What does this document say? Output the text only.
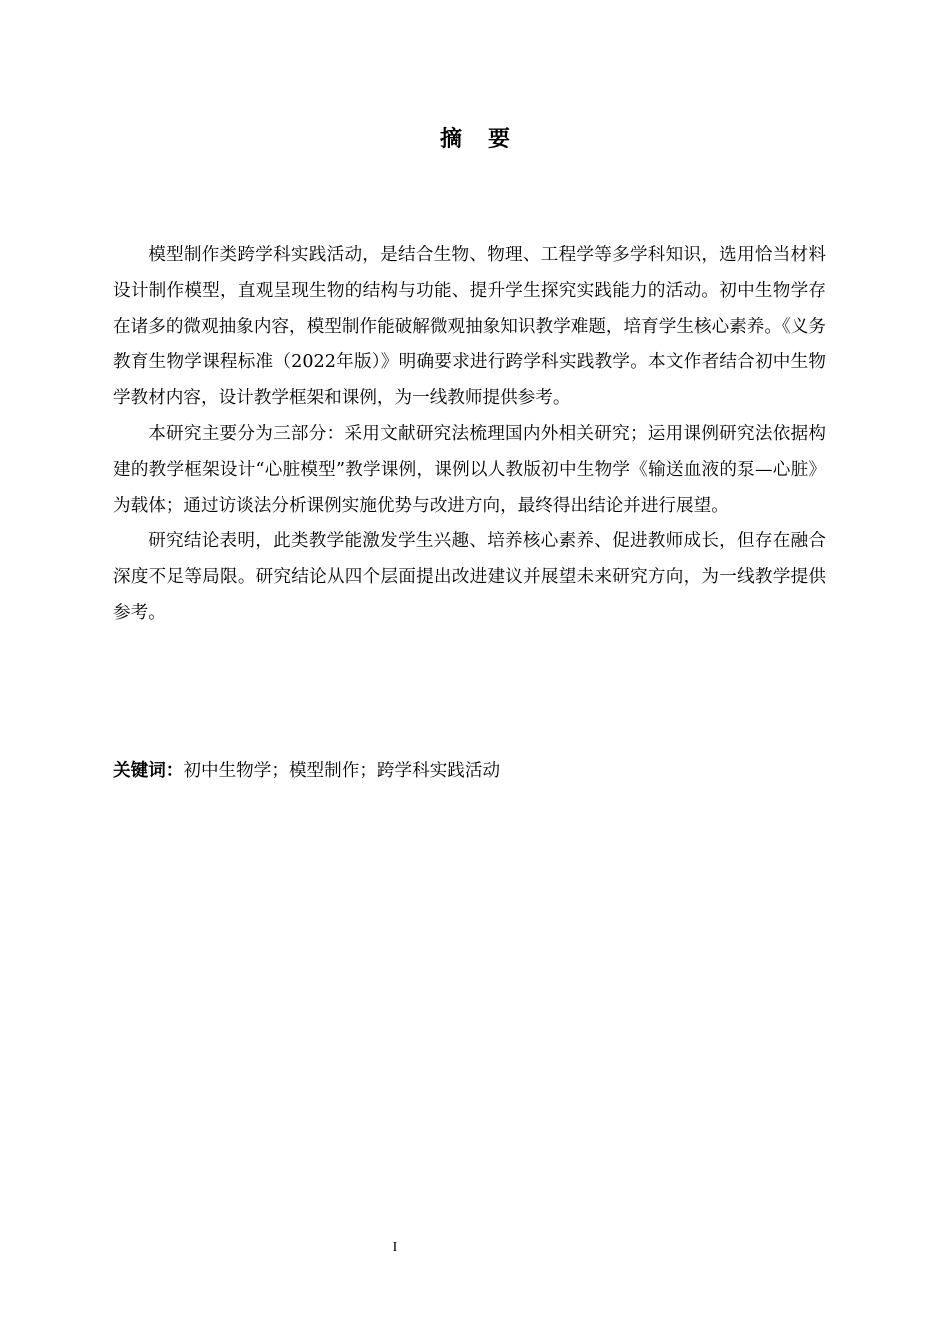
摘 要

模型制作类跨学科实践活动，是结合生物、物理、工程学等多学科知识，选用恰当材料设计制作模型，直观呈现生物的结构与功能、提升学生探究实践能力的活动。初中生物学存在诸多的微观抽象内容，模型制作能破解微观抽象知识教学难题，培育学生核心素养。《义务教育生物学课程标准（2022年版）》明确要求进行跨学科实践教学。本文作者结合初中生物学教材内容，设计教学框架和课例，为一线教师提供参考。

本研究主要分为三部分：采用文献研究法梳理国内外相关研究；运用课例研究法依据构建的教学框架设计“心脏模型”教学课例，课例以人教版初中生物学《输送血液的泵—心脏》为载体；通过访谈法分析课例实施优势与改进方向，最终得出结论并进行展望。

研究结论表明，此类教学能激发学生兴趣、培养核心素养、促进教师成长，但存在融合深度不足等局限。研究结论从四个层面提出改进建议并展望未来研究方向，为一线教学提供参考。

关键词：初中生物学；模型制作；跨学科实践活动
I
